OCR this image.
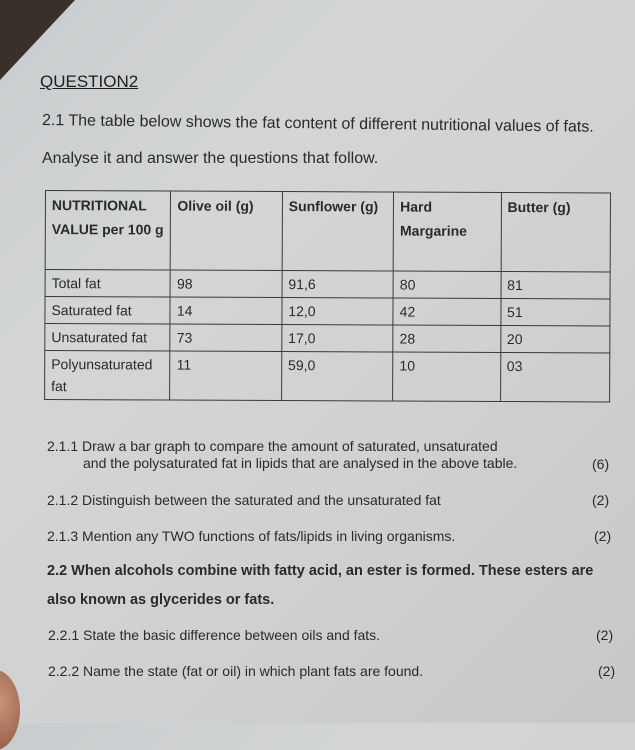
QUESTION2
2.1 The table below shows the fat content of different nutritional values of fats.
Analyse it and answer the questions that follow.
NUTRITIONAL VALUE per 100 g	Olive oil (g)	Sunflower (g)	Hard Margarine	Butter (g)
Total fat	98	91,6	80	81
Saturated fat	14	12,0	42	51
Unsaturated fat	73	17,0	28	20
Polyunsaturated fat	11	59,0	10	03
2.1.1 Draw a bar graph to compare the amount of saturated, unsaturated
and the polysaturated fat in lipids that are analysed in the above table.	(6)
2.1.2 Distinguish between the saturated and the unsaturated fat	(2)
2.1.3 Mention any TWO functions of fats/lipids in living organisms.	(2)
2.2 When alcohols combine with fatty acid, an ester is formed. These esters are
also known as glycerides or fats.
2.2.1 State the basic difference between oils and fats.	(2)
2.2.2 Name the state (fat or oil) in which plant fats are found.	(2)
